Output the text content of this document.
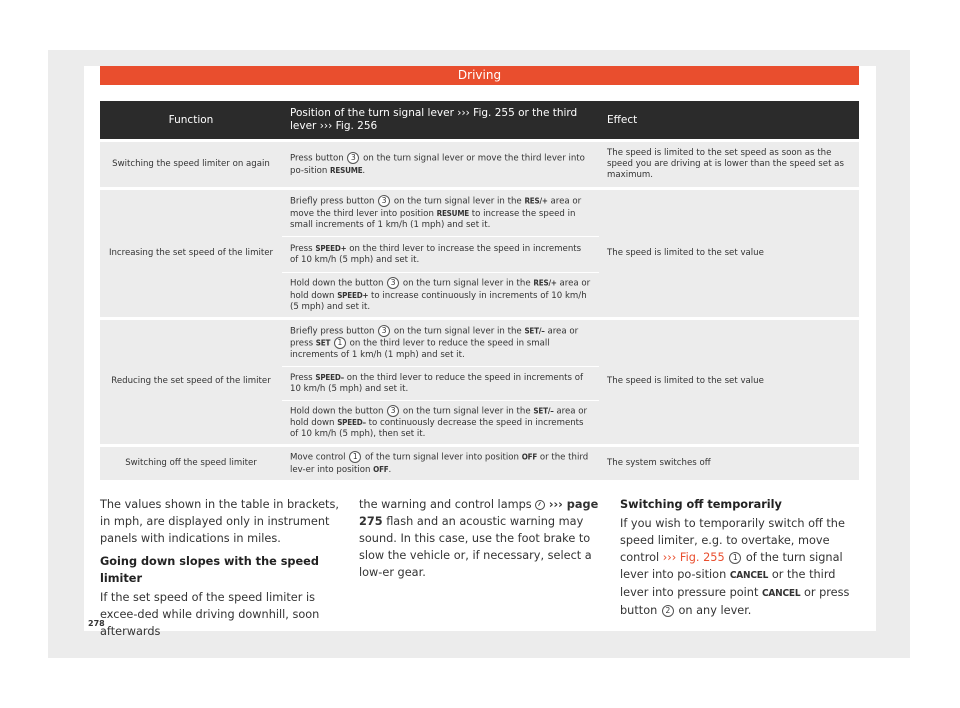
Driving
Function	Position of the turn signal lever ››› Fig. 255 or the third lever ››› Fig. 256	Effect
Switching the speed limiter on again	Press button 3 on the turn signal lever or move the third lever into po-sition RESUME.	The speed is limited to the set speed as soon as the speed you are driving at is lower than the speed set as maximum.
Increasing the set speed of the limiter	Briefly press button 3 on the turn signal lever in the RES/+ area or move the third lever into position RESUME to increase the speed in small increments of 1 km/h (1 mph) and set it.	The speed is limited to the set value
	Press SPEED+ on the third lever to increase the speed in increments of 10 km/h (5 mph) and set it.	
	Hold down the button 3 on the turn signal lever in the RES/+ area or hold down SPEED+ to increase continuously in increments of 10 km/h (5 mph) and set it.	
Reducing the set speed of the limiter	Briefly press button 3 on the turn signal lever in the SET/– area or press SET 1 on the third lever to reduce the speed in small increments of 1 km/h (1 mph) and set it.	The speed is limited to the set value
	Press SPEED– on the third lever to reduce the speed in increments of 10 km/h (5 mph) and set it.	
	Hold down the button 3 on the turn signal lever in the SET/– area or hold down SPEED– to continuously decrease the speed in increments of 10 km/h (5 mph), then set it.	
Switching off the speed limiter	Move control 1 of the turn signal lever into position OFF or the third lev-er into position OFF.	The system switches off

The values shown in the table in brackets, in mph, are displayed only in instrument panels with indications in miles.

Going down slopes with the speed limiter

If the set speed of the speed limiter is excee-ded while driving downhill, soon afterwards

the warning and control lamps ››› page 275 flash and an acoustic warning may sound. In this case, use the foot brake to slow the vehicle or, if necessary, select a low-er gear.

Switching off temporarily

If you wish to temporarily switch off the speed limiter, e.g. to overtake, move control ››› Fig. 255 1 of the turn signal lever into po-sition CANCEL or the third lever into pressure point CANCEL or press button 2 on any lever.

278
